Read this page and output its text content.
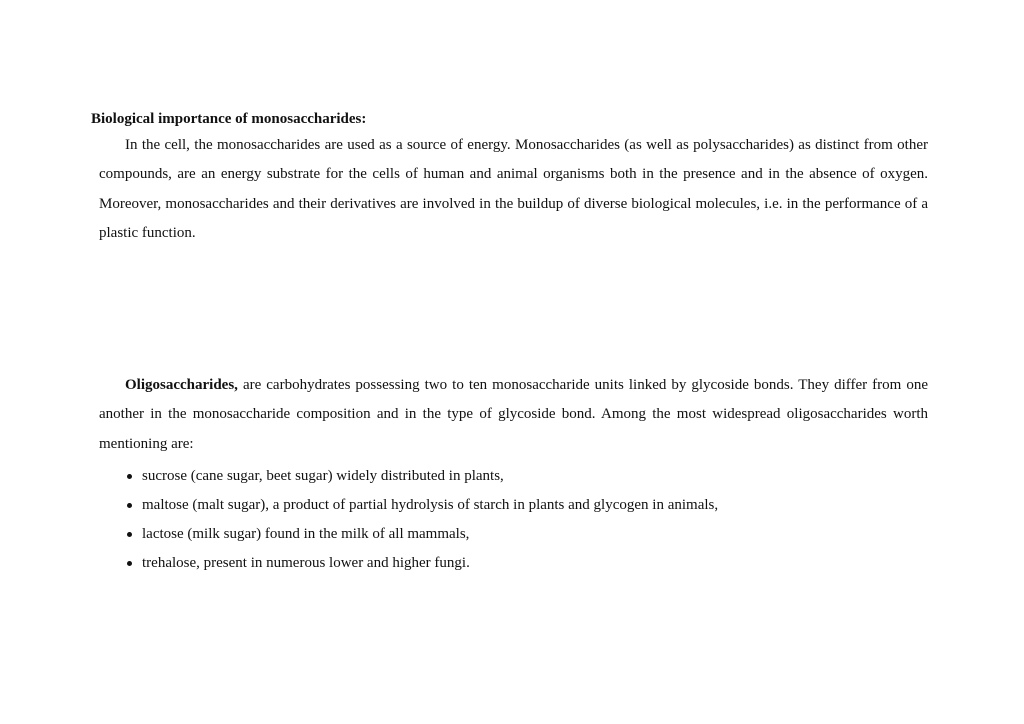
Biological importance of monosaccharides:

In the cell, the monosaccharides are used as a source of energy. Monosaccharides (as well as polysaccharides) as distinct from other compounds, are an energy substrate for the cells of human and animal organisms both in the presence and in the absence of oxygen. Moreover, monosaccharides and their derivatives are involved in the buildup of diverse biological molecules, i.e. in the performance of a plastic function.

Oligosaccharides, are carbohydrates possessing two to ten monosaccharide units linked by glycoside bonds. They differ from one another in the monosaccharide composition and in the type of glycoside bond. Among the most widespread oligosaccharides worth mentioning are:

sucrose (cane sugar, beet sugar) widely distributed in plants,
maltose (malt sugar), a product of partial hydrolysis of starch in plants and glycogen in animals,
lactose (milk sugar) found in the milk of all mammals,
trehalose, present in numerous lower and higher fungi.
